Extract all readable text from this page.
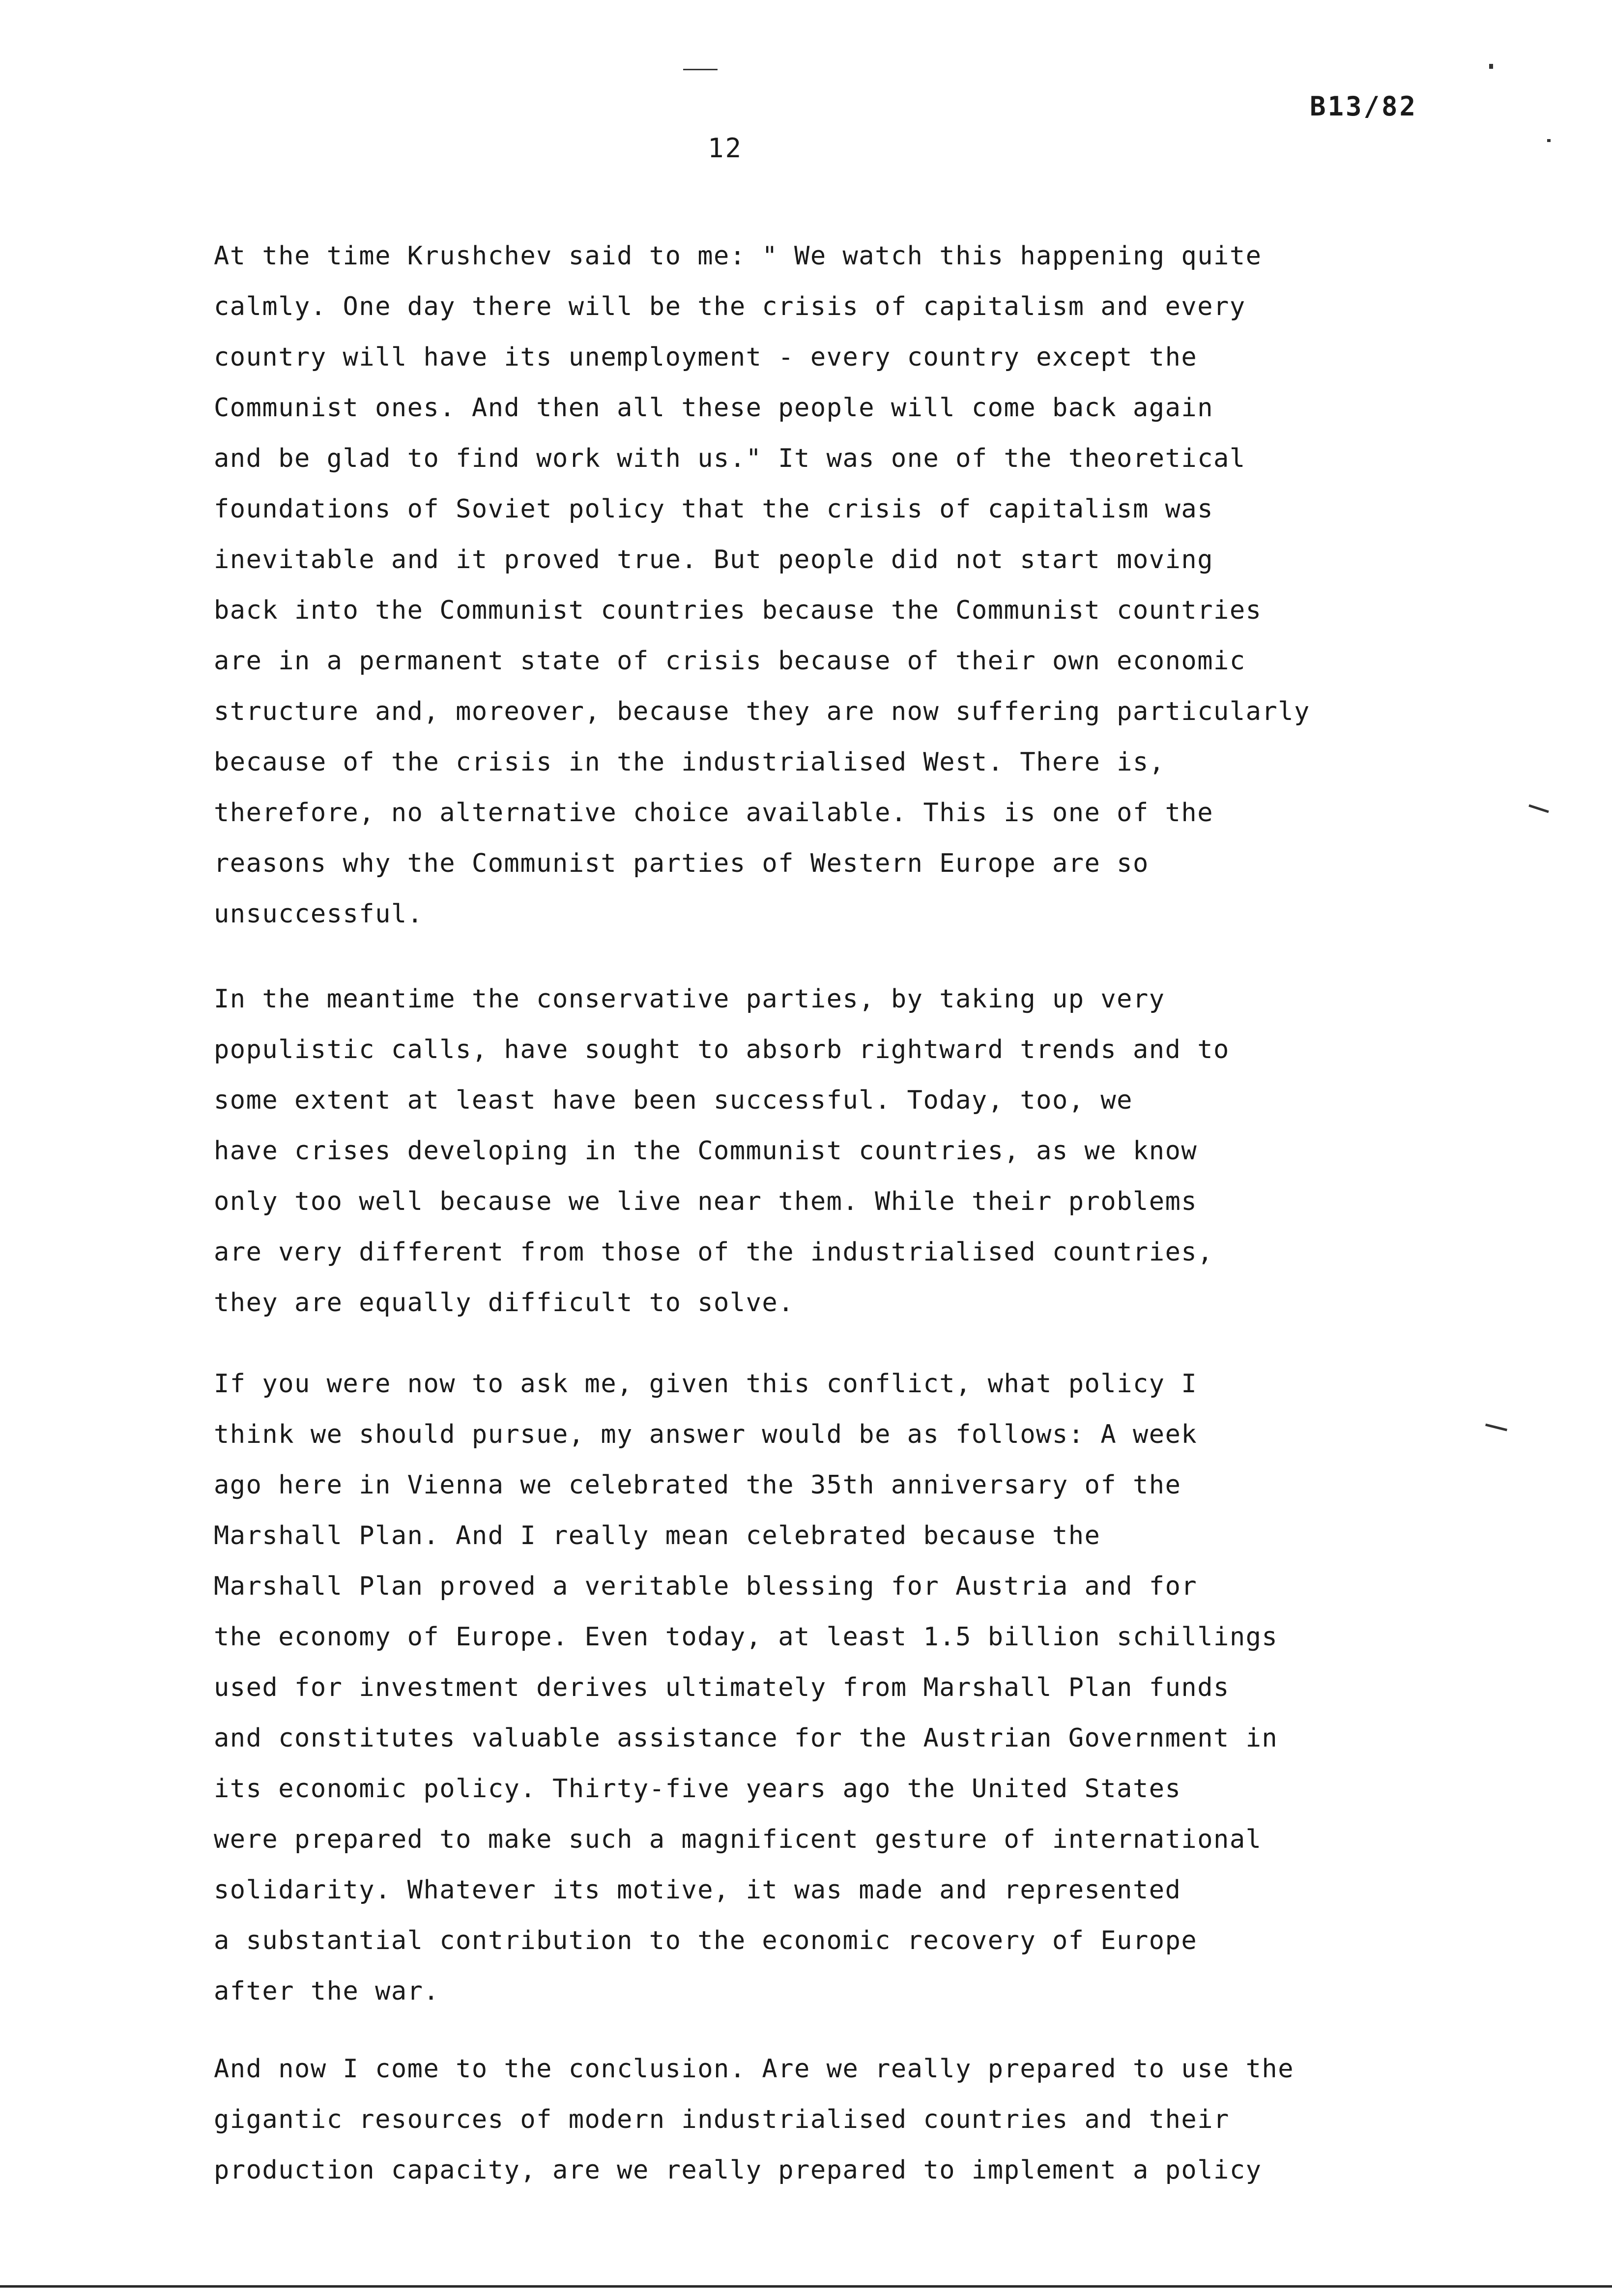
B13/82
12
At the time Krushchev said to me: " We watch this happening quite
calmly. One day there will be the crisis of capitalism and every
country will have its unemployment - every country except the
Communist ones. And then all these people will come back again
and be glad to find work with us." It was one of the theoretical
foundations of Soviet policy that the crisis of capitalism was
inevitable and it proved true. But people did not start moving
back into the Communist countries because the Communist countries
are in a permanent state of crisis because of their own economic
structure and, moreover, because they are now suffering particularly
because of the crisis in the industrialised West. There is,
therefore, no alternative choice available. This is one of the
reasons why the Communist parties of Western Europe are so
unsuccessful.
In the meantime the conservative parties, by taking up very
populistic calls, have sought to absorb rightward trends and to
some extent at least have been successful. Today, too, we
have crises developing in the Communist countries, as we know
only too well because we live near them. While their problems
are very different from those of the industrialised countries,
they are equally difficult to solve.
If you were now to ask me, given this conflict, what policy I
think we should pursue, my answer would be as follows: A week
ago here in Vienna we celebrated the 35th anniversary of the
Marshall Plan. And I really mean celebrated because the
Marshall Plan proved a veritable blessing for Austria and for
the economy of Europe. Even today, at least 1.5 billion schillings
used for investment derives ultimately from Marshall Plan funds
and constitutes valuable assistance for the Austrian Government in
its economic policy. Thirty-five years ago the United States
were prepared to make such a magnificent gesture of international
solidarity. Whatever its motive, it was made and represented
a substantial contribution to the economic recovery of Europe
after the war.
And now I come to the conclusion. Are we really prepared to use the
gigantic resources of modern industrialised countries and their
production capacity, are we really prepared to implement a policy
